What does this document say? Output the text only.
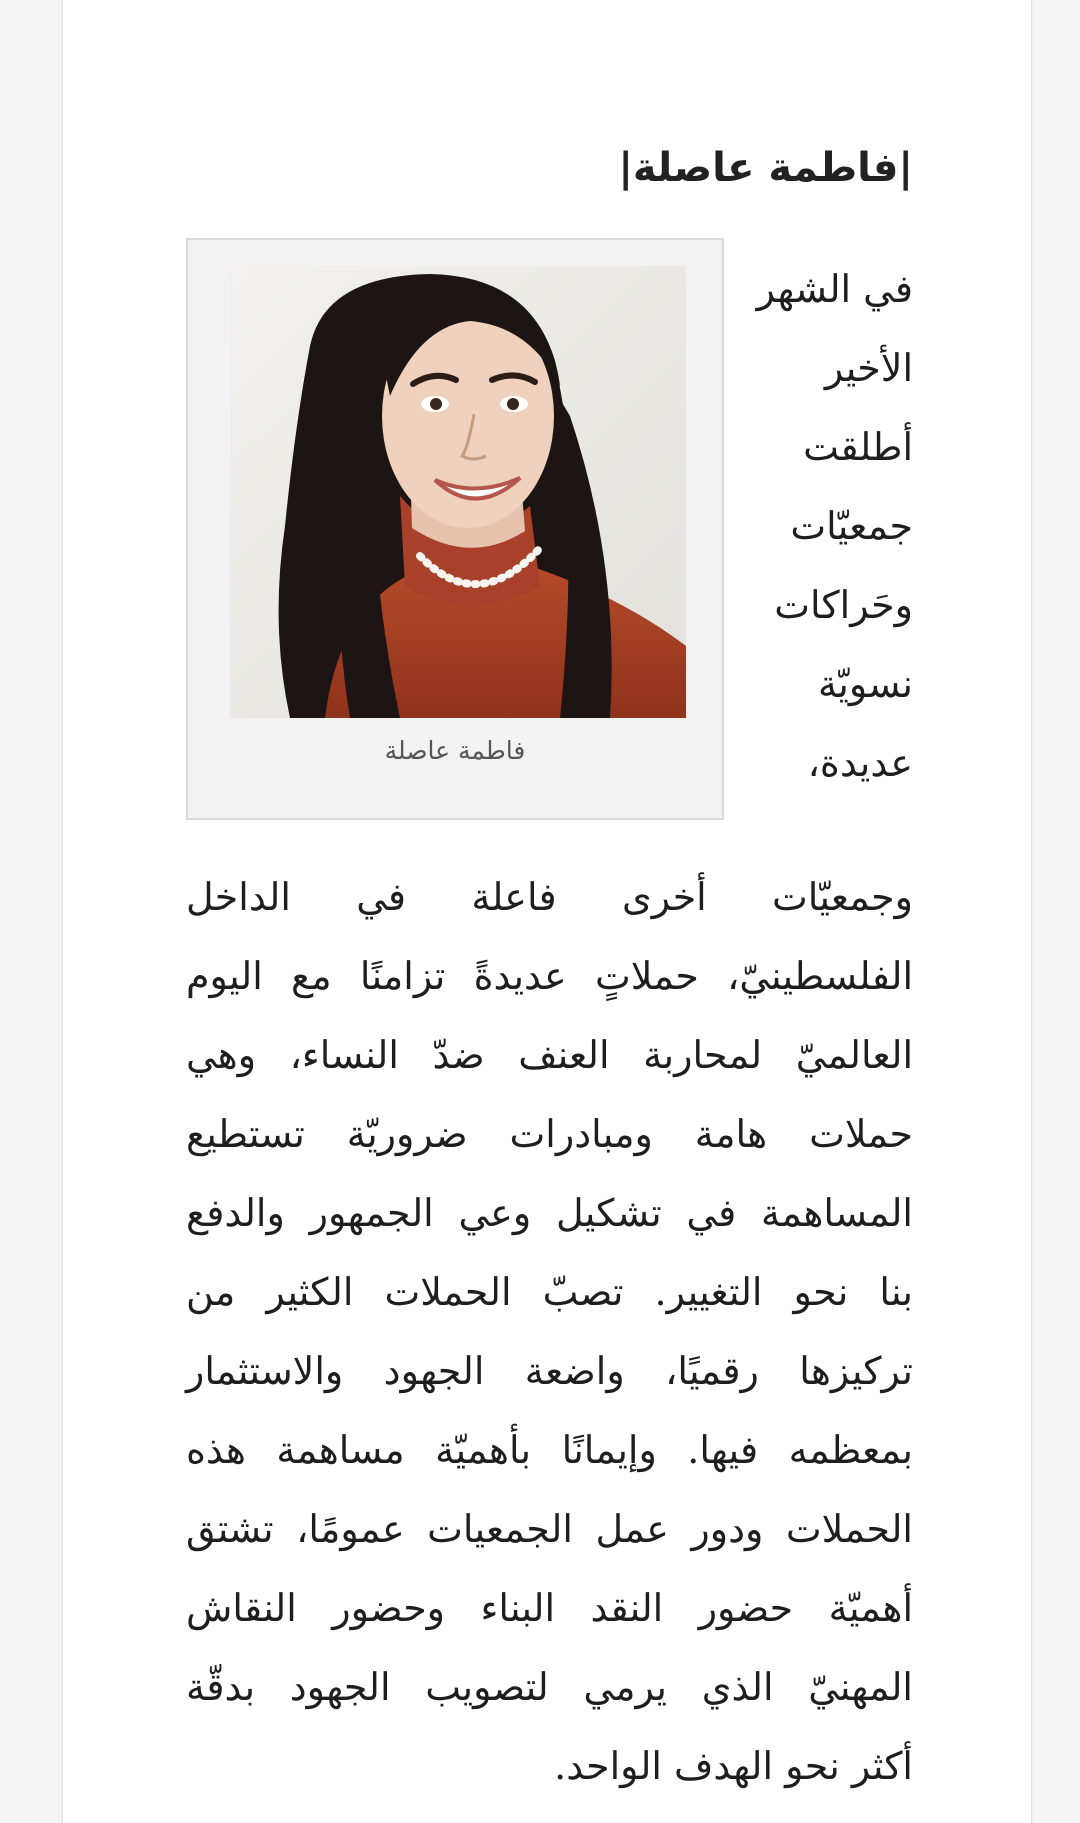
|فاطمة عاصلة|
فاطمة عاصلة
في الشهر
الأخير
أطلقت
جمعيّات
وحَراكات
نسويّة
عديدة،
وجمعيّات أخرى فاعلة في الداخل
الفلسطينيّ، حملاتٍ عديدةً تزامنًا مع اليوم
العالميّ لمحاربة العنف ضدّ النساء، وهي
حملات هامة ومبادرات ضروريّة تستطيع
المساهمة في تشكيل وعي الجمهور والدفع
بنا نحو التغيير. تصبّ الحملات الكثير من
تركيزها رقميًا، واضعة الجهود والاستثمار
بمعظمه فيها. وإيمانًا بأهميّة مساهمة هذه
الحملات ودور عمل الجمعيات عمومًا، تشتق
أهميّة حضور النقد البناء وحضور النقاش
المهنيّ الذي يرمي لتصويب الجهود بدقّة
أكثر نحو الهدف الواحد.
